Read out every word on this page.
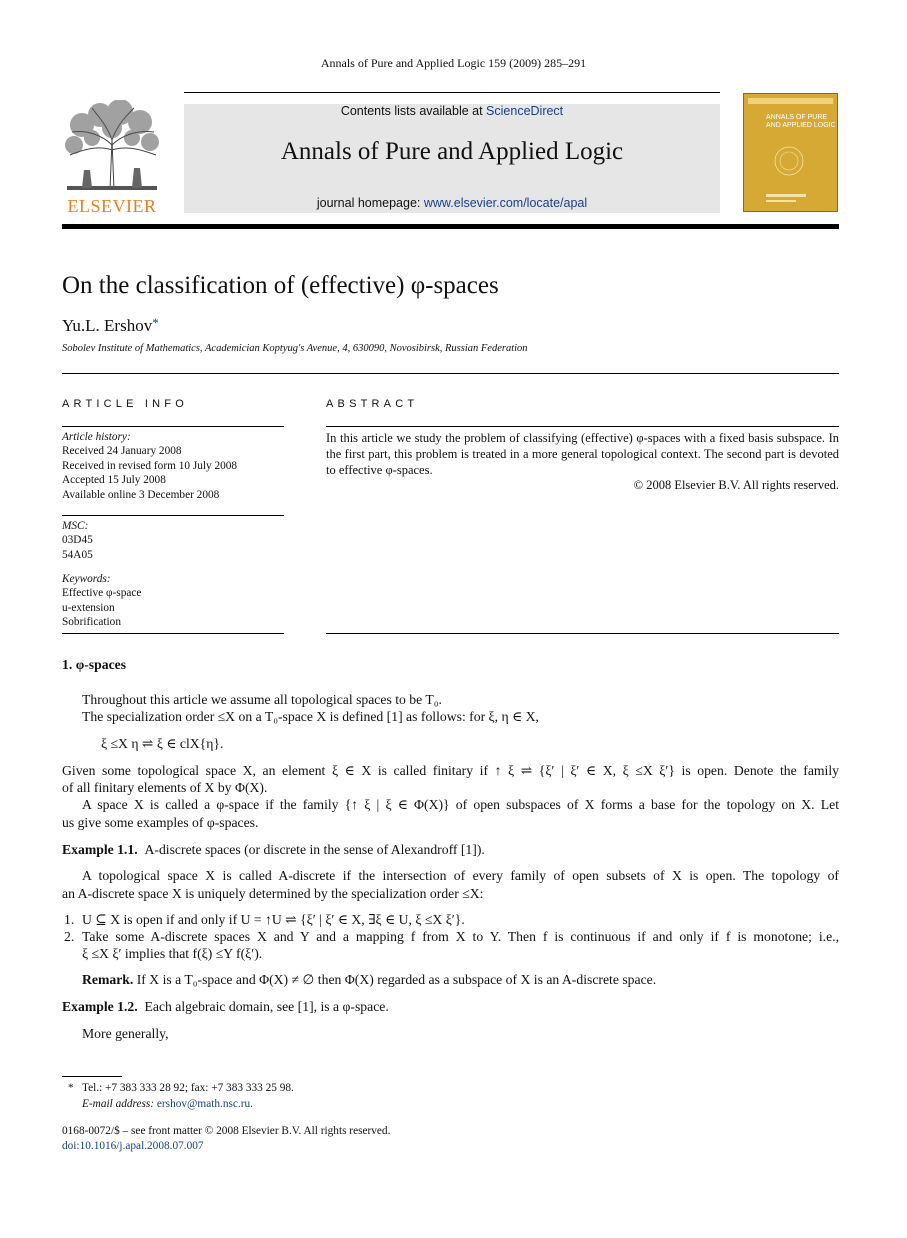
Annals of Pure and Applied Logic 159 (2009) 285–291
ELSEVIER
Contents lists available at ScienceDirect
Annals of Pure and Applied Logic
journal homepage: www.elsevier.com/locate/apal
ANNALS OF PURE AND APPLIED LOGIC
On the classification of (effective) φ-spaces
Yu.L. Ershov*
Sobolev Institute of Mathematics, Academician Koptyug's Avenue, 4, 630090, Novosibirsk, Russian Federation
ARTICLE INFO
Article history:
Received 24 January 2008
Received in revised form 10 July 2008
Accepted 15 July 2008
Available online 3 December 2008
MSC:
03D45
54A05
Keywords:
Effective φ-space
u-extension
Sobrification
ABSTRACT
In this article we study the problem of classifying (effective) φ-spaces with a fixed basis subspace. In the first part, this problem is treated in a more general topological context. The second part is devoted to effective φ-spaces.
© 2008 Elsevier B.V. All rights reserved.
1. φ-spaces
Throughout this article we assume all topological spaces to be T₀.
The specialization order ≤X on a T₀-space X is defined [1] as follows: for ξ, η ∈ X,
ξ ≤X η ⇌ ξ ∈ clX{η}.
Given some topological space X, an element ξ ∈ X is called finitary if ↑ ξ ⇌ {ξ′ | ξ′ ∈ X, ξ ≤X ξ′} is open. Denote the family
of all finitary elements of X by Φ(X).
A space X is called a φ-space if the family {↑ ξ | ξ ∈ Φ(X)} of open subspaces of X forms a base for the topology on X. Let
us give some examples of φ-spaces.
Example 1.1. A-discrete spaces (or discrete in the sense of Alexandroff [1]).
A topological space X is called A-discrete if the intersection of every family of open subsets of X is open. The topology of
an A-discrete space X is uniquely determined by the specialization order ≤X:
1. U ⊆ X is open if and only if U = ↑U ⇌ {ξ′ | ξ′ ∈ X, ∃ξ ∈ U, ξ ≤X ξ′}.
2. Take some A-discrete spaces X and Y and a mapping f from X to Y. Then f is continuous if and only if f is monotone; i.e.,
ξ ≤X ξ′ implies that f(ξ) ≤Y f(ξ′).
Remark. If X is a T₀-space and Φ(X) ≠ ∅ then Φ(X) regarded as a subspace of X is an A-discrete space.
Example 1.2. Each algebraic domain, see [1], is a φ-space.
More generally,
* Tel.: +7 383 333 28 92; fax: +7 383 333 25 98.
E-mail address: ershov@math.nsc.ru.
0168-0072/$ – see front matter © 2008 Elsevier B.V. All rights reserved.
doi:10.1016/j.apal.2008.07.007
